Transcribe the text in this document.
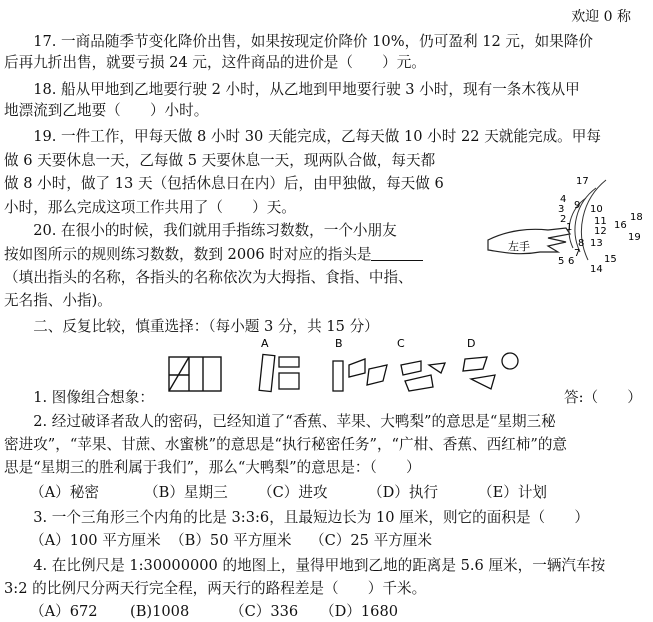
欢迎 0 称
　　17. 一商品随季节变化降价出售，如果按现定价降价 10%，仍可盈利 12 元，如果降价
后再九折出售，就要亏损 24 元，这件商品的进价是（　　）元。
　　18. 船从甲地到乙地要行驶 2 小时，从乙地到甲地要行驶 3 小时，现有一条木筏从甲
地漂流到乙地要（　　）小时。
　　19. 一件工作，甲每天做 8 小时 30 天能完成，乙每天做 10 小时 22 天就能完成。甲每
做 6 天要休息一天，乙每做 5 天要休息一天，现两队合做，每天都
做 8 小时，做了 13 天（包括休息日在内）后，由甲独做，每天做 6
小时，那么完成这项工作共用了（　　）天。
　　20. 在很小的时候，我们就用手指练习数数，一个小朋友
按如图所示的规则练习数数，数到 2006 时对应的指头是
（填出指头的名称，各指头的名称依次为大拇指、食指、中指、
无名指、小指)。
　　二、反复比较，慎重选择：（每小题 3 分，共 15 分）
左手
1
2
3
4
5 6
7
8
9 10
11
12
13
14
15
16
17
18
19
A	B	C	D
　　1. 图像组合想象：	答:（　　）
　　2. 经过破译者敌人的密码，已经知道了“香蕉、苹果、大鸭梨”的意思是“星期三秘
密进攻”，“苹果、甘蔗、水蜜桃”的意思是“执行秘密任务”，“广柑、香蕉、西红柿”的意
思是“星期三的胜利属于我们”，那么“大鸭梨”的意思是：（　　）
（A）秘密	（B）星期三 （C）进攻	（D）执行	（E）计划
　　3. 一个三角形三个内角的比是 3:3:6，且最短边长为 10 厘米，则它的面积是（　　）
（A）100 平方厘米 （B）50 平方厘米 （C）25 平方厘米
　　4. 在比例尺是 1:30000000 的地图上，量得甲地到乙地的距离是 5.6 厘米，一辆汽车按
3:2 的比例尺分两天行完全程，两天行的路程差是（　　）千米。
（A）672 (B)1008	（C）336 （D）1680
